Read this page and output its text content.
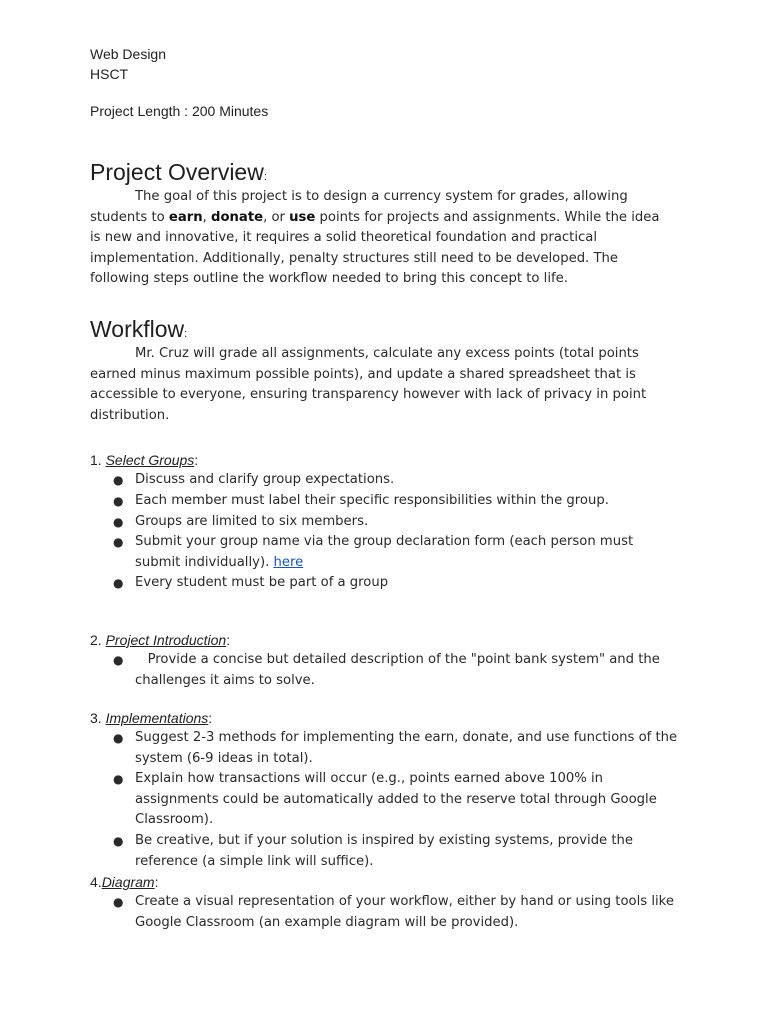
Web Design

HSCT

Project Length : 200 Minutes

Project Overview:

The goal of this project is to design a currency system for grades, allowing students to earn, donate, or use points for projects and assignments. While the idea is new and innovative, it requires a solid theoretical foundation and practical implementation. Additionally, penalty structures still need to be developed. The following steps outline the workflow needed to bring this concept to life.

Workflow:

Mr. Cruz will grade all assignments, calculate any excess points (total points earned minus maximum possible points), and update a shared spreadsheet that is accessible to everyone, ensuring transparency however with lack of privacy in point distribution.

1. Select Groups:

● Discuss and clarify group expectations.
● Each member must label their specific responsibilities within the group.
● Groups are limited to six members.
● Submit your group name via the group declaration form (each person must submit individually). here
● Every student must be part of a group

2. Project Introduction:

● Provide a concise but detailed description of the "point bank system" and the challenges it aims to solve.

3. Implementations:

● Suggest 2-3 methods for implementing the earn, donate, and use functions of the system (6-9 ideas in total).
● Explain how transactions will occur (e.g., points earned above 100% in assignments could be automatically added to the reserve total through Google Classroom).
● Be creative, but if your solution is inspired by existing systems, provide the reference (a simple link will suffice).

4.Diagram:

● Create a visual representation of your workflow, either by hand or using tools like Google Classroom (an example diagram will be provided).
